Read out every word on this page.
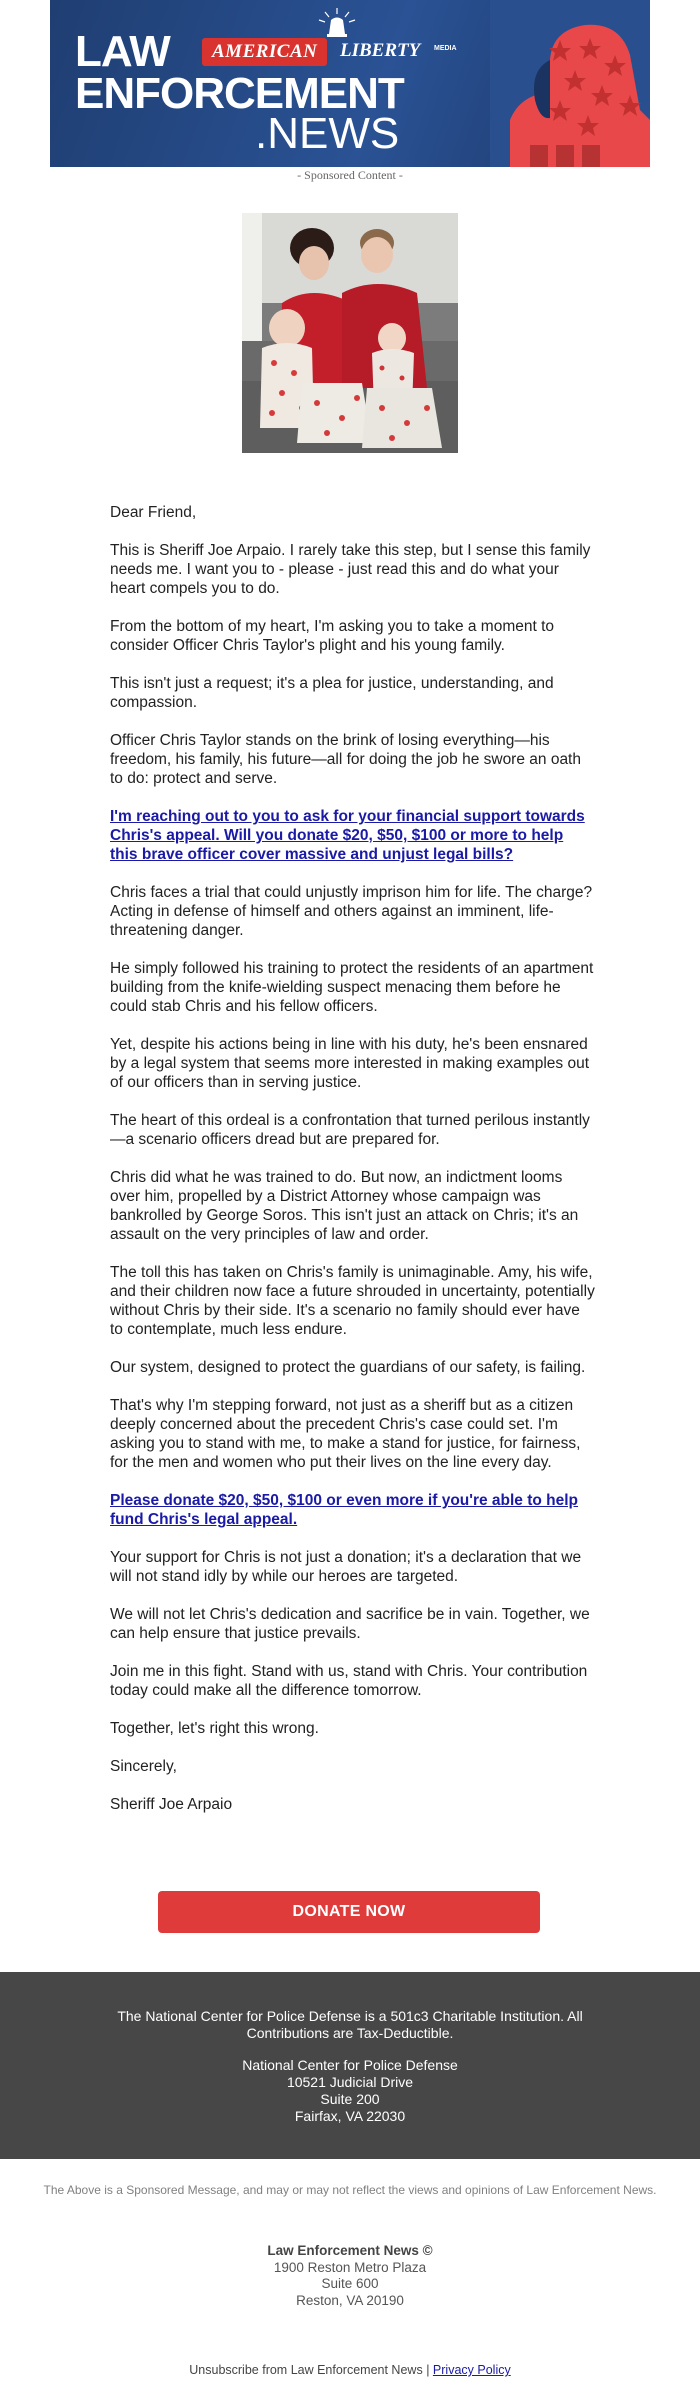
LAW	AMERICAN	LIBERTY MEDIA
ENFORCEMENT
.NEWS
- Sponsored Content -

Dear Friend,

This is Sheriff Joe Arpaio. I rarely take this step, but I sense this family needs me. I want you to - please - just read this and do what your heart compels you to do.

From the bottom of my heart, I'm asking you to take a moment to consider Officer Chris Taylor's plight and his young family.

This isn't just a request; it's a plea for justice, understanding, and compassion.

Officer Chris Taylor stands on the brink of losing everything—his freedom, his family, his future—all for doing the job he swore an oath to do: protect and serve.

I'm reaching out to you to ask for your financial support towards Chris's appeal. Will you donate $20, $50, $100 or more to help this brave officer cover massive and unjust legal bills?

Chris faces a trial that could unjustly imprison him for life. The charge? Acting in defense of himself and others against an imminent, life-threatening danger.

He simply followed his training to protect the residents of an apartment building from the knife-wielding suspect menacing them before he could stab Chris and his fellow officers.

Yet, despite his actions being in line with his duty, he's been ensnared by a legal system that seems more interested in making examples out of our officers than in serving justice.

The heart of this ordeal is a confrontation that turned perilous instantly—a scenario officers dread but are prepared for.

Chris did what he was trained to do. But now, an indictment looms over him, propelled by a District Attorney whose campaign was bankrolled by George Soros. This isn't just an attack on Chris; it's an assault on the very principles of law and order.

The toll this has taken on Chris's family is unimaginable. Amy, his wife, and their children now face a future shrouded in uncertainty, potentially without Chris by their side. It's a scenario no family should ever have to contemplate, much less endure.

Our system, designed to protect the guardians of our safety, is failing.

That's why I'm stepping forward, not just as a sheriff but as a citizen deeply concerned about the precedent Chris's case could set. I'm asking you to stand with me, to make a stand for justice, for fairness, for the men and women who put their lives on the line every day.

Please donate $20, $50, $100 or even more if you're able to help fund Chris's legal appeal.

Your support for Chris is not just a donation; it's a declaration that we will not stand idly by while our heroes are targeted.

We will not let Chris's dedication and sacrifice be in vain. Together, we can help ensure that justice prevails.

Join me in this fight. Stand with us, stand with Chris. Your contribution today could make all the difference tomorrow.

Together, let's right this wrong.

Sincerely,

Sheriff Joe Arpaio

DONATE NOW
The National Center for Police Defense is a 501c3 Charitable Institution. All Contributions are Tax-Deductible.
National Center for Police Defense
10521 Judicial Drive
Suite 200
Fairfax, VA 22030
The Above is a Sponsored Message, and may or may not reflect the views and opinions of Law Enforcement News.
Law Enforcement News ©
1900 Reston Metro Plaza
Suite 600
Reston, VA 20190
Unsubscribe from Law Enforcement News | Privacy Policy
